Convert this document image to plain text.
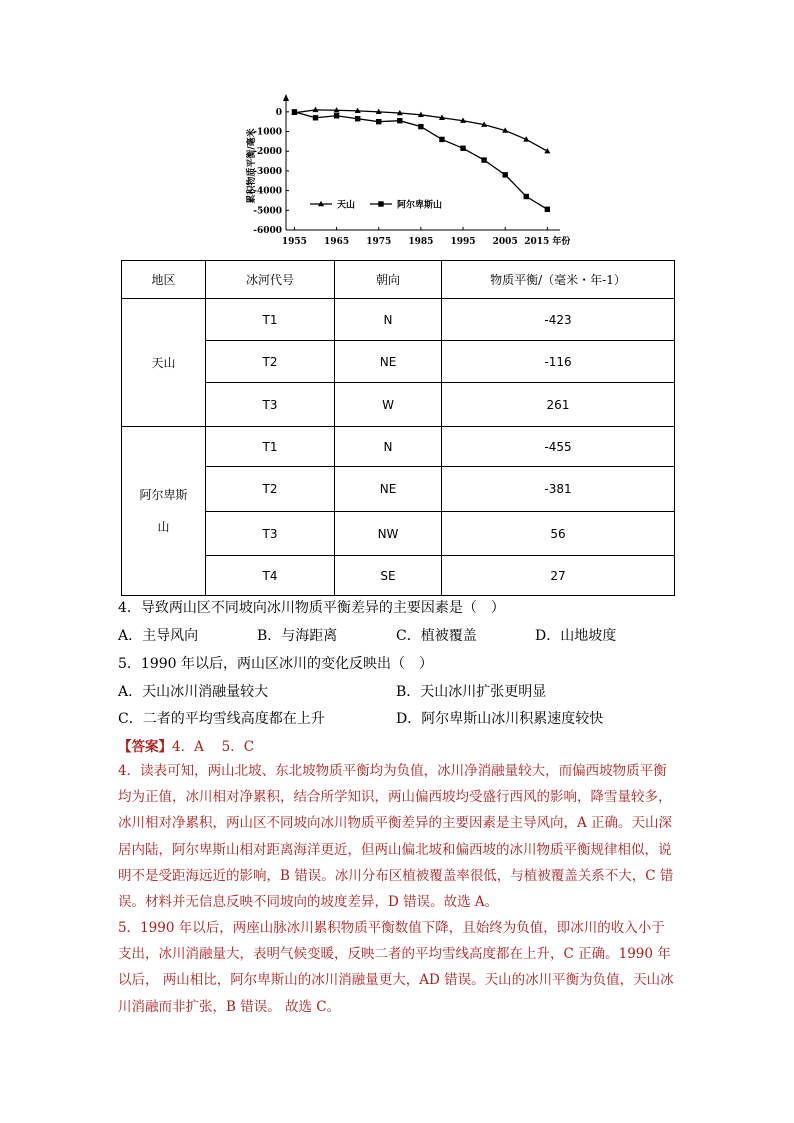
0
-1000
-2000
-3000
-4000
-5000
-6000
1955 1965 1975 1985 1995 2005 2015 年份
天山	阿尔卑斯山
累积物质平衡/毫米
地区	冰河代号	朝向	物质平衡/（毫米・年-1）
天山	T1	N	-423
	T2	NE	-116
	T3	W	261
阿尔卑斯山	T1	N	-455
	T2	NE	-381
	T3	NW	56
	T4	SE	27
4．导致两山区不同坡向冰川物质平衡差异的主要因素是（　）
A．主导风向	B．与海距离	C．植被覆盖	D．山地坡度
5．1990 年以后，两山区冰川的变化反映出（　）
A．天山冰川消融量较大	B．天山冰川扩张更明显
C．二者的平均雪线高度都在上升	D．阿尔卑斯山冰川积累速度较快
【答案】4．A　 5．C

4．读表可知，两山北坡、东北坡物质平衡均为负值，冰川净消融量较大，而偏西坡物质平衡均为正值，冰川相对净累积，结合所学知识，两山偏西坡均受盛行西风的影响，降雪量较多，冰川相对净累积，两山区不同坡向冰川物质平衡差异的主要因素是主导风向，A 正确。天山深居内陆，阿尔卑斯山相对距离海洋更近，但两山偏北坡和偏西坡的冰川物质平衡规律相似，说明不是受距海远近的影响，B 错误。冰川分布区植被覆盖率很低，与植被覆盖关系不大，C 错误。材料并无信息反映不同坡向的坡度差异，D 错误。故选 A。

5．1990 年以后，两座山脉冰川累积物质平衡数值下降，且始终为负值，即冰川的收入小于支出，冰川消融量大，表明气候变暖，反映二者的平均雪线高度都在上升，C 正确。1990 年以后， 两山相比，阿尔卑斯山的冰川消融量更大，AD 错误。天山的冰川平衡为负值，天山冰川消融而非扩张，B 错误。 故选 C。
